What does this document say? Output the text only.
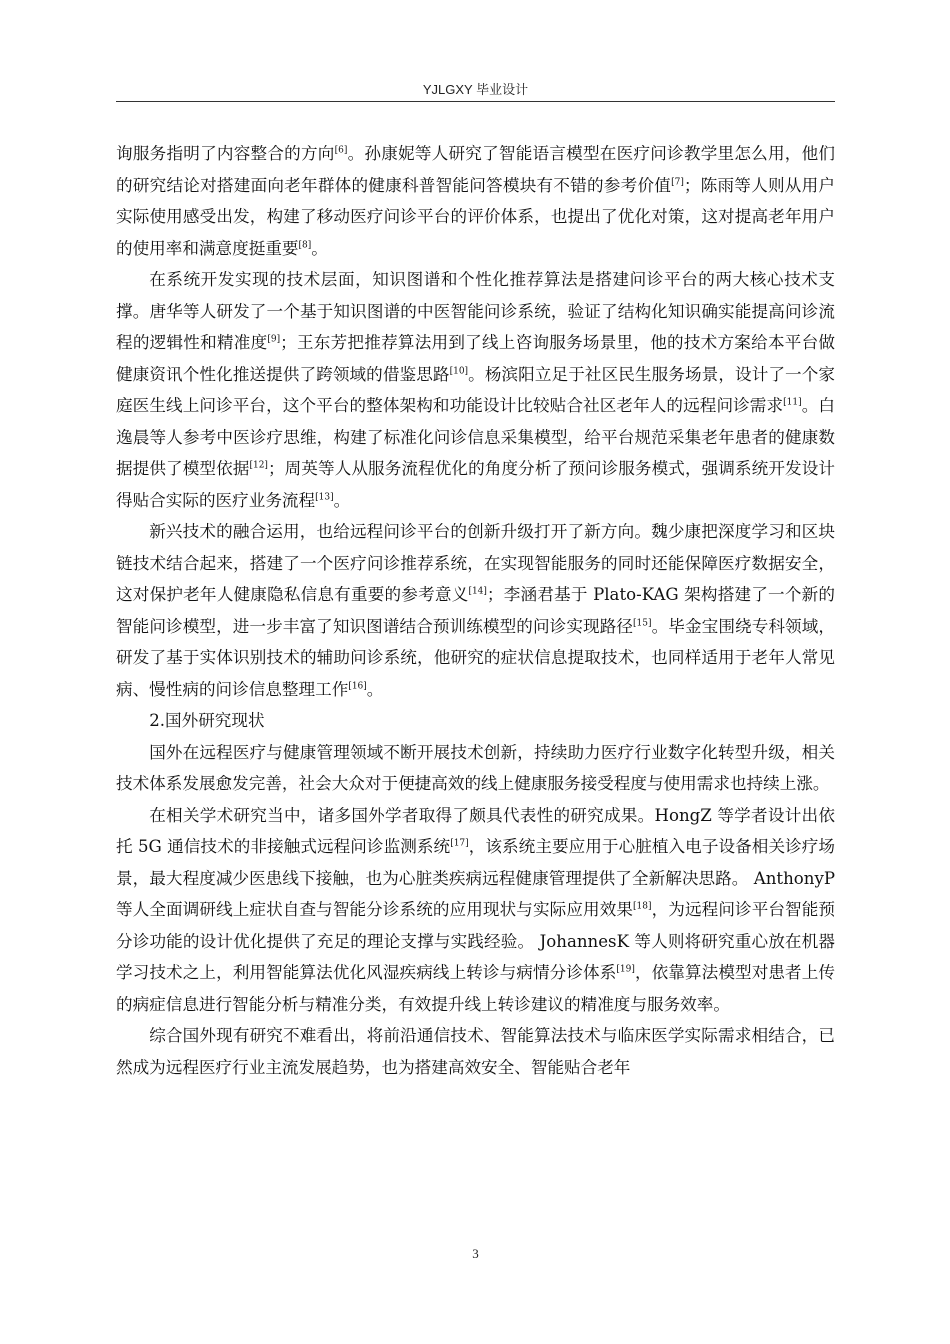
YJLGXY 毕业设计

询服务指明了内容整合的方向[6]。孙康妮等人研究了智能语言模型在医疗问诊教学里怎么用，他们的研究结论对搭建面向老年群体的健康科普智能问答模块有不错的参考价值[7]；陈雨等人则从用户实际使用感受出发，构建了移动医疗问诊平台的评价体系，也提出了优化对策，这对提高老年用户的使用率和满意度挺重要[8]。

在系统开发实现的技术层面，知识图谱和个性化推荐算法是搭建问诊平台的两大核心技术支撑。唐华等人研发了一个基于知识图谱的中医智能问诊系统，验证了结构化知识确实能提高问诊流程的逻辑性和精准度[9]；王东芳把推荐算法用到了线上咨询服务场景里，他的技术方案给本平台做健康资讯个性化推送提供了跨领域的借鉴思路[10]。杨滨阳立足于社区民生服务场景，设计了一个家庭医生线上问诊平台，这个平台的整体架构和功能设计比较贴合社区老年人的远程问诊需求[11]。白逸晨等人参考中医诊疗思维，构建了标准化问诊信息采集模型，给平台规范采集老年患者的健康数据提供了模型依据[12]；周英等人从服务流程优化的角度分析了预问诊服务模式，强调系统开发设计得贴合实际的医疗业务流程[13]。

新兴技术的融合运用，也给远程问诊平台的创新升级打开了新方向。魏少康把深度学习和区块链技术结合起来，搭建了一个医疗问诊推荐系统，在实现智能服务的同时还能保障医疗数据安全，这对保护老年人健康隐私信息有重要的参考意义[14]；李涵君基于 Plato-KAG 架构搭建了一个新的智能问诊模型，进一步丰富了知识图谱结合预训练模型的问诊实现路径[15]。毕金宝围绕专科领域，研发了基于实体识别技术的辅助问诊系统，他研究的症状信息提取技术，也同样适用于老年人常见病、慢性病的问诊信息整理工作[16]。

2.国外研究现状

国外在远程医疗与健康管理领域不断开展技术创新，持续助力医疗行业数字化转型升级，相关技术体系发展愈发完善，社会大众对于便捷高效的线上健康服务接受程度与使用需求也持续上涨。

在相关学术研究当中，诸多国外学者取得了颇具代表性的研究成果。HongZ 等学者设计出依托 5G 通信技术的非接触式远程问诊监测系统[17]，该系统主要应用于心脏植入电子设备相关诊疗场景，最大程度减少医患线下接触，也为心脏类疾病远程健康管理提供了全新解决思路。 AnthonyP 等人全面调研线上症状自查与智能分诊系统的应用现状与实际应用效果[18]，为远程问诊平台智能预分诊功能的设计优化提供了充足的理论支撑与实践经验。 JohannesK 等人则将研究重心放在机器学习技术之上，利用智能算法优化风湿疾病线上转诊与病情分诊体系[19]，依靠算法模型对患者上传的病症信息进行智能分析与精准分类，有效提升线上转诊建议的精准度与服务效率。

综合国外现有研究不难看出，将前沿通信技术、智能算法技术与临床医学实际需求相结合，已然成为远程医疗行业主流发展趋势，也为搭建高效安全、智能贴合老年

3
